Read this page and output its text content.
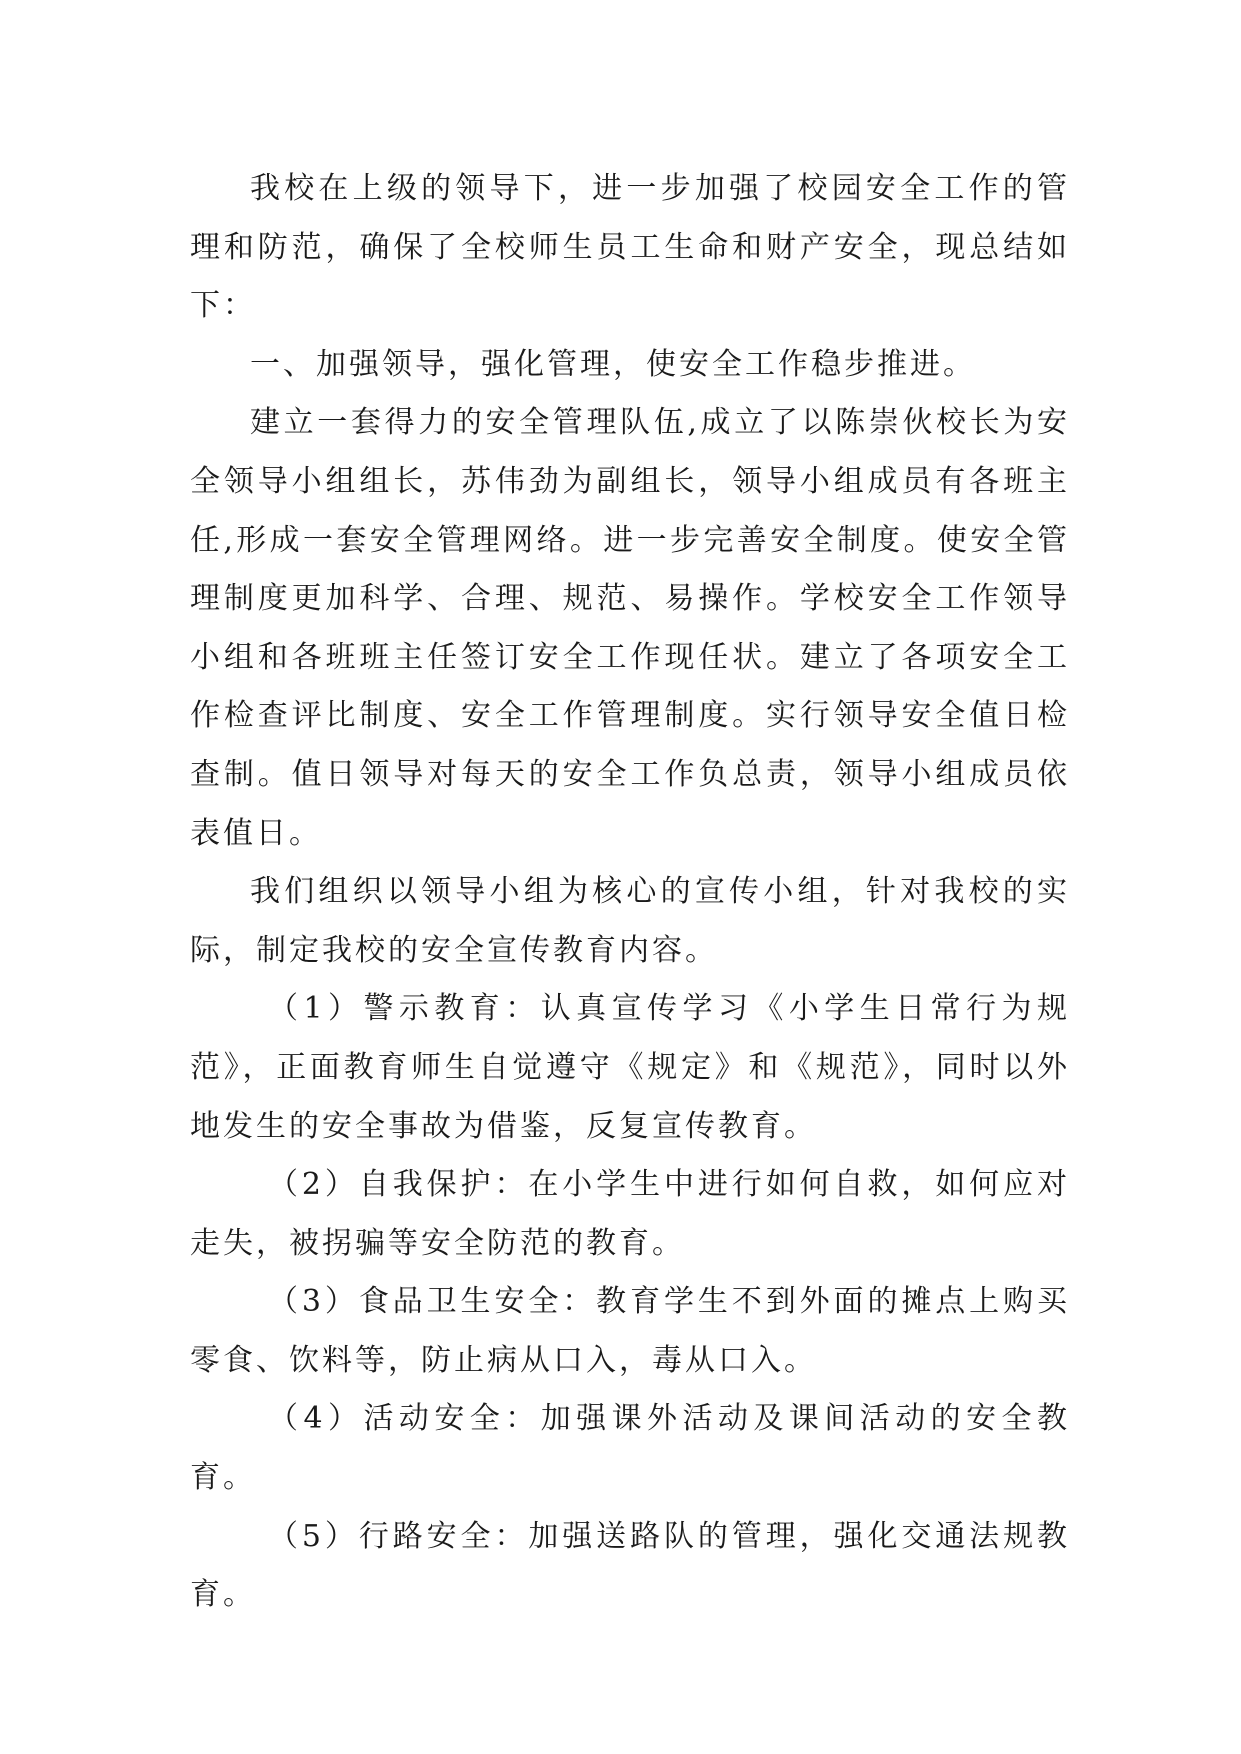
我校在上级的领导下，进一步加强了校园安全工作的管理和防范，确保了全校师生员工生命和财产安全，现总结如下：

一、加强领导，强化管理，使安全工作稳步推进。

建立一套得力的安全管理队伍,成立了以陈崇伙校长为安全领导小组组长，苏伟劲为副组长，领导小组成员有各班主任,形成一套安全管理网络。进一步完善安全制度。使安全管理制度更加科学、合理、规范、易操作。学校安全工作领导小组和各班班主任签订安全工作现任状。建立了各项安全工作检查评比制度、安全工作管理制度。实行领导安全值日检查制。值日领导对每天的安全工作负总责，领导小组成员依表值日。

我们组织以领导小组为核心的宣传小组，针对我校的实际，制定我校的安全宣传教育内容。

（1）警示教育：认真宣传学习《小学生日常行为规范》，正面教育师生自觉遵守《规定》和《规范》，同时以外地发生的安全事故为借鉴，反复宣传教育。

（2）自我保护：在小学生中进行如何自救，如何应对走失，被拐骗等安全防范的教育。

（3）食品卫生安全：教育学生不到外面的摊点上购买零食、饮料等，防止病从口入，毒从口入。

（4）活动安全：加强课外活动及课间活动的安全教育。

（5）行路安全：加强送路队的管理，强化交通法规教育。
